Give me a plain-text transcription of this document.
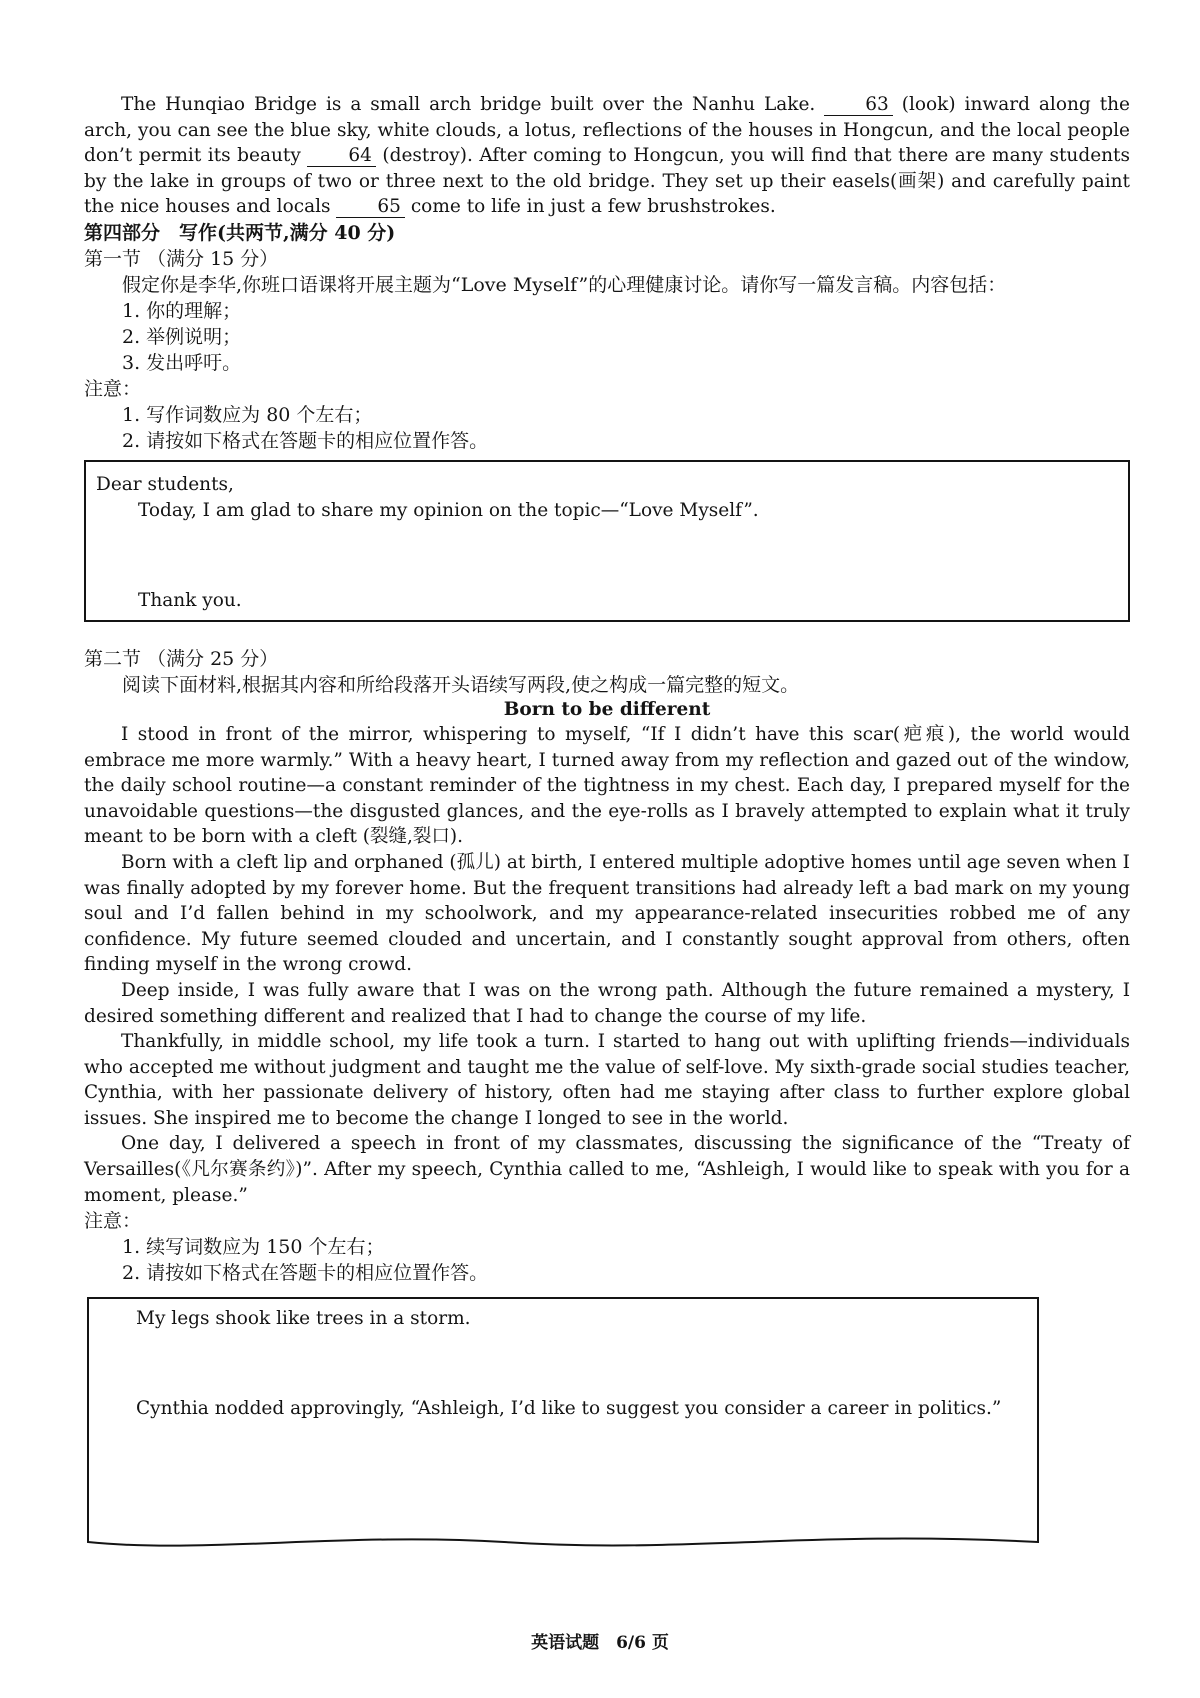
The Hunqiao Bridge is a small arch bridge built over the Nanhu Lake. 63 (look) inward along the arch, you can see the blue sky, white clouds, a lotus, reflections of the houses in Hongcun, and the local people don’t permit its beauty 64 (destroy). After coming to Hongcun, you will find that there are many students by the lake in groups of two or three next to the old bridge. They set up their easels(画架) and carefully paint the nice houses and locals 65 come to life in just a few brushstrokes.

第四部分　写作(共两节,满分 40 分)

第一节 （满分 15 分）

假定你是李华,你班口语课将开展主题为“Love Myself”的心理健康讨论。请你写一篇发言稿。内容包括：

1. 你的理解；

2. 举例说明；

3. 发出呼吁。

注意：

1. 写作词数应为 80 个左右；

2. 请按如下格式在答题卡的相应位置作答。

Dear students,
Today, I am glad to share my opinion on the topic—“Love Myself”.
Thank you.

第二节 （满分 25 分）

阅读下面材料,根据其内容和所给段落开头语续写两段,使之构成一篇完整的短文。

Born to be different

I stood in front of the mirror, whispering to myself, “If I didn’t have this scar(疤痕), the world would embrace me more warmly.” With a heavy heart, I turned away from my reflection and gazed out of the window, the daily school routine—a constant reminder of the tightness in my chest. Each day, I prepared myself for the unavoidable questions—the disgusted glances, and the eye-rolls as I bravely attempted to explain what it truly meant to be born with a cleft (裂缝,裂口).

Born with a cleft lip and orphaned (孤儿) at birth, I entered multiple adoptive homes until age seven when I was finally adopted by my forever home. But the frequent transitions had already left a bad mark on my young soul and I’d fallen behind in my schoolwork, and my appearance-related insecurities robbed me of any confidence. My future seemed clouded and uncertain, and I constantly sought approval from others, often finding myself in the wrong crowd.

Deep inside, I was fully aware that I was on the wrong path. Although the future remained a mystery, I desired something different and realized that I had to change the course of my life.

Thankfully, in middle school, my life took a turn. I started to hang out with uplifting friends—individuals who accepted me without judgment and taught me the value of self-love. My sixth-grade social studies teacher, Cynthia, with her passionate delivery of history, often had me staying after class to further explore global issues. She inspired me to become the change I longed to see in the world.

One day, I delivered a speech in front of my classmates, discussing the significance of the “Treaty of Versailles(《凡尔赛条约》)”. After my speech, Cynthia called to me, “Ashleigh, I would like to speak with you for a moment, please.”

注意：

1. 续写词数应为 150 个左右；

2. 请按如下格式在答题卡的相应位置作答。

My legs shook like trees in a storm.
Cynthia nodded approvingly, “Ashleigh, I’d like to suggest you consider a career in politics.”
英语试题　6/6 页
